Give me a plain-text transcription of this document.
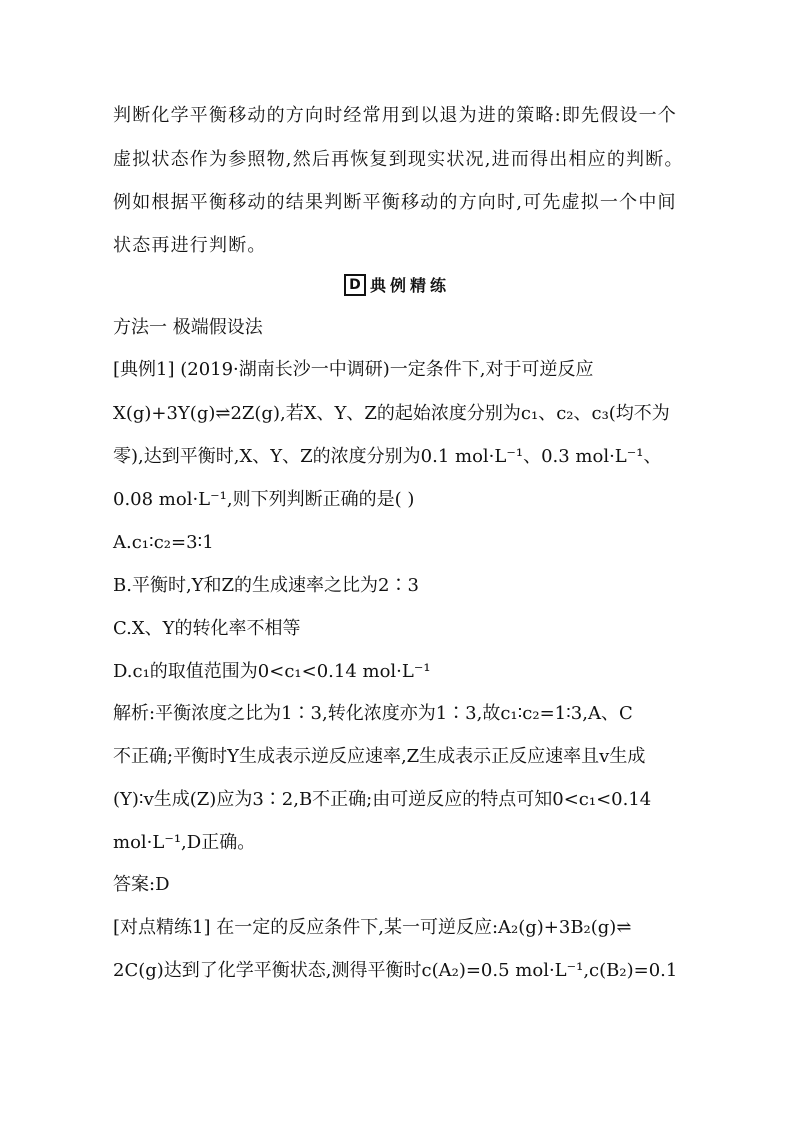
判断化学平衡移动的方向时经常用到以退为进的策略:即先假设一个
虚拟状态作为参照物,然后再恢复到现实状况,进而得出相应的判断。
例如根据平衡移动的结果判断平衡移动的方向时,可先虚拟一个中间
状态再进行判断。
D 典例精练
方法一 极端假设法
[典例1] (2019·湖南长沙一中调研)一定条件下,对于可逆反应
X(g)+3Y(g)⇌2Z(g),若X、Y、Z的起始浓度分别为c₁、c₂、c₃(均不为
零),达到平衡时,X、Y、Z的浓度分别为0.1 mol·L⁻¹、0.3 mol·L⁻¹、
0.08 mol·L⁻¹,则下列判断正确的是( )
A.c₁∶c₂=3∶1
B.平衡时,Y和Z的生成速率之比为2∶3
C.X、Y的转化率不相等
D.c₁的取值范围为0<c₁<0.14 mol·L⁻¹
解析:平衡浓度之比为1∶3,转化浓度亦为1∶3,故c₁∶c₂=1∶3,A、C
不正确;平衡时Y生成表示逆反应速率,Z生成表示正反应速率且v生成
(Y)∶v生成(Z)应为3∶2,B不正确;由可逆反应的特点可知0<c₁<0.14
mol·L⁻¹,D正确。
答案:D
[对点精练1] 在一定的反应条件下,某一可逆反应:A₂(g)+3B₂(g)⇌
2C(g)达到了化学平衡状态,测得平衡时c(A₂)=0.5 mol·L⁻¹,c(B₂)=0.1
